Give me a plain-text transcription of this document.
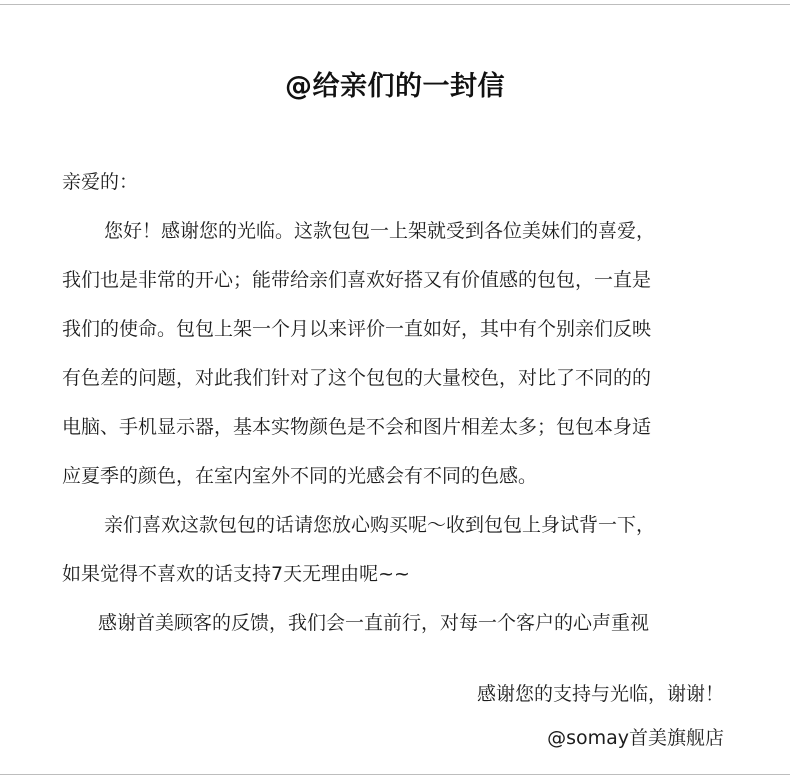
@给亲们的一封信
亲爱的：
您好！感谢您的光临。这款包包一上架就受到各位美妹们的喜爱，
我们也是非常的开心；能带给亲们喜欢好搭又有价值感的包包，一直是
我们的使命。包包上架一个月以来评价一直如好，其中有个别亲们反映
有色差的问题，对此我们针对了这个包包的大量校色，对比了不同的的
电脑、手机显示器，基本实物颜色是不会和图片相差太多；包包本身适
应夏季的颜色，在室内室外不同的光感会有不同的色感。
亲们喜欢这款包包的话请您放心购买呢～收到包包上身试背一下，
如果觉得不喜欢的话支持7天无理由呢~~
感谢首美顾客的反馈，我们会一直前行，对每一个客户的心声重视
感谢您的支持与光临，谢谢！
@somay首美旗舰店
